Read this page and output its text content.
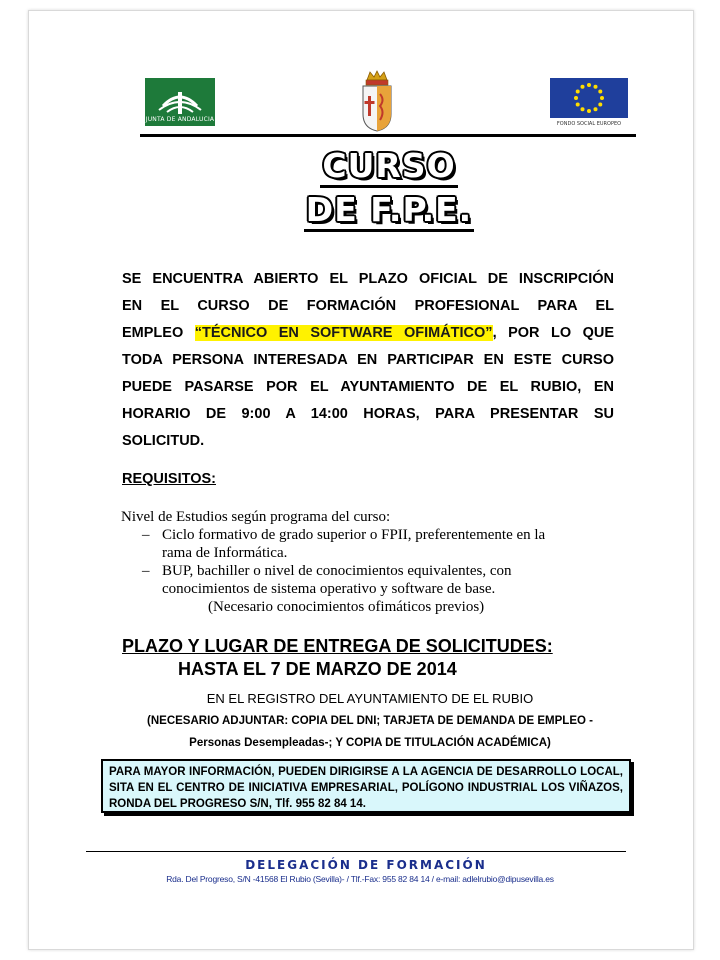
JUNTA DE ANDALUCIA
FONDO SOCIAL EUROPEO
CURSO
DE F.P.E.
SE ENCUENTRA ABIERTO EL PLAZO OFICIAL DE INSCRIPCIÓN
EN EL CURSO DE FORMACIÓN PROFESIONAL PARA EL
EMPLEO “TÉCNICO EN SOFTWARE OFIMÁTICO”, POR LO QUE
TODA PERSONA INTERESADA EN PARTICIPAR EN ESTE CURSO
PUEDE PASARSE POR EL AYUNTAMIENTO DE EL RUBIO, EN
HORARIO DE 9:00 A 14:00 HORAS, PARA PRESENTAR SU
SOLICITUD.
REQUISITOS:
Nivel de Estudios según programa del curso:
– Ciclo formativo de grado superior o FPII, preferentemente en la
rama de Informática.
– BUP, bachiller o nivel de conocimientos equivalentes, con
conocimientos de sistema operativo y software de base.
(Necesario conocimientos ofimáticos previos)
PLAZO Y LUGAR DE ENTREGA DE SOLICITUDES:
HASTA EL 7 DE MARZO DE 2014
EN EL REGISTRO DEL AYUNTAMIENTO DE EL RUBIO
(NECESARIO ADJUNTAR: COPIA DEL DNI; TARJETA DE DEMANDA DE EMPLEO -
Personas Desempleadas-; Y COPIA DE TITULACIÓN ACADÉMICA)
PARA MAYOR INFORMACIÓN, PUEDEN DIRIGIRSE A LA AGENCIA DE DESARROLLO LOCAL,
SITA EN EL CENTRO DE INICIATIVA EMPRESARIAL, POLÍGONO INDUSTRIAL LOS VIÑAZOS,
RONDA DEL PROGRESO S/N, Tlf. 955 82 84 14.
DELEGACIÓN DE FORMACIÓN
Rda. Del Progreso, S/N -41568 El Rubio (Sevilla)- / Tlf.-Fax: 955 82 84 14 / e-mail: adlelrubio@dipusevilla.es
